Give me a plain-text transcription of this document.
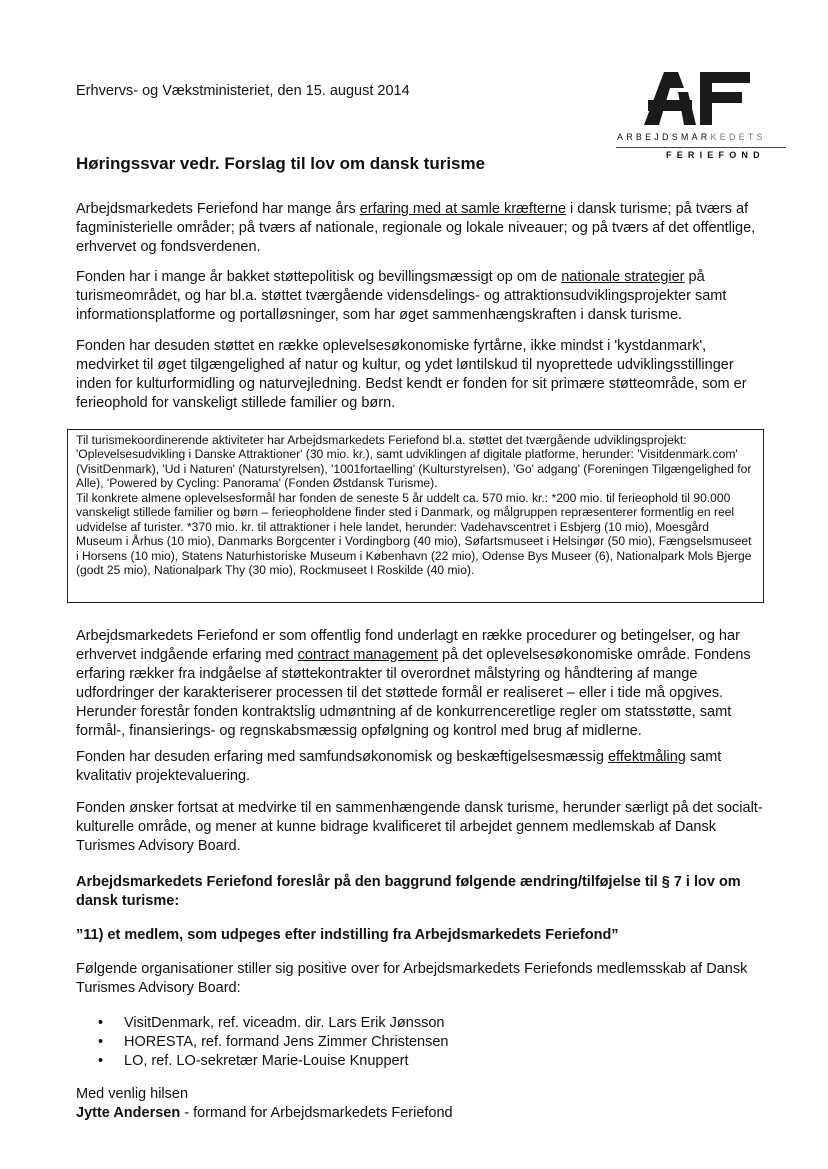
Erhvervs- og Vækstministeriet, den 15. august 2014
ARBEJDSMARKEDETS
FERIEFOND
Høringssvar vedr. Forslag til lov om dansk turisme
Arbejdsmarkedets Feriefond har mange års erfaring med at samle kræfterne i dansk turisme; på tværs af fagministerielle områder; på tværs af nationale, regionale og lokale niveauer; og på tværs af det offentlige, erhvervet og fondsverdenen.
Fonden har i mange år bakket støttepolitisk og bevillingsmæssigt op om de nationale strategier på turismeområdet, og har bl.a. støttet tværgående vidensdelings- og attraktionsudviklingsprojekter samt informationsplatforme og portalløsninger, som har øget sammenhængskraften i dansk turisme.
Fonden har desuden støttet en række oplevelsesøkonomiske fyrtårne, ikke mindst i 'kystdanmark', medvirket til øget tilgængelighed af natur og kultur, og ydet løntilskud til nyoprettede udviklingsstillinger inden for kulturformidling og naturvejledning. Bedst kendt er fonden for sit primære støtteområde, som er ferieophold for vanskeligt stillede familier og børn.
Til turismekoordinerende aktiviteter har Arbejdsmarkedets Feriefond bl.a. støttet det tværgående udviklingsprojekt: 'Oplevelsesudvikling i Danske Attraktioner' (30 mio. kr.), samt udviklingen af digitale platforme, herunder: 'Visitdenmark.com' (VisitDenmark), 'Ud i Naturen' (Naturstyrelsen), '1001fortaelling' (Kulturstyrelsen), 'Go' adgang' (Foreningen Tilgængelighed for Alle), 'Powered by Cycling: Panorama' (Fonden Østdansk Turisme).
Til konkrete almene oplevelsesformål har fonden de seneste 5 år uddelt ca. 570 mio. kr.: *200 mio. til ferieophold til 90.000 vanskeligt stillede familier og børn – ferieopholdene finder sted i Danmark, og målgruppen repræsenterer formentlig en reel udvidelse af turister. *370 mio. kr. til attraktioner i hele landet, herunder: Vadehavscentret i Esbjerg (10 mio), Moesgård Museum i Århus (10 mio), Danmarks Borgcenter i Vordingborg (40 mio), Søfartsmuseet i Helsingør (50 mio), Fængselsmuseet i Horsens (10 mio), Statens Naturhistoriske Museum i København (22 mio), Odense Bys Museer (6), Nationalpark Mols Bjerge (godt 25 mio), Nationalpark Thy (30 mio), Rockmuseet I Roskilde (40 mio).
Arbejdsmarkedets Feriefond er som offentlig fond underlagt en række procedurer og betingelser, og har erhvervet indgående erfaring med contract management på det oplevelsesøkonomiske område. Fondens erfaring rækker fra indgåelse af støttekontrakter til overordnet målstyring og håndtering af mange udfordringer der karakteriserer processen til det støttede formål er realiseret – eller i tide må opgives. Herunder forestår fonden kontraktslig udmøntning af de konkurrenceretlige regler om statsstøtte, samt formål-, finansierings- og regnskabsmæssig opfølgning og kontrol med brug af midlerne.
Fonden har desuden erfaring med samfundsøkonomisk og beskæftigelsesmæssig effektmåling samt kvalitativ projektevaluering.
Fonden ønsker fortsat at medvirke til en sammenhængende dansk turisme, herunder særligt på det socialt-kulturelle område, og mener at kunne bidrage kvalificeret til arbejdet gennem medlemskab af Dansk Turismes Advisory Board.
Arbejdsmarkedets Feriefond foreslår på den baggrund følgende ændring/tilføjelse til § 7 i lov om dansk turisme:
”11) et medlem, som udpeges efter indstilling fra Arbejdsmarkedets Feriefond”
Følgende organisationer stiller sig positive over for Arbejdsmarkedets Feriefonds medlemsskab af Dansk Turismes Advisory Board:
• VisitDenmark, ref. viceadm. dir. Lars Erik Jønsson
• HORESTA, ref. formand Jens Zimmer Christensen
• LO, ref. LO-sekretær Marie-Louise Knuppert
Med venlig hilsen
Jytte Andersen - formand for Arbejdsmarkedets Feriefond
